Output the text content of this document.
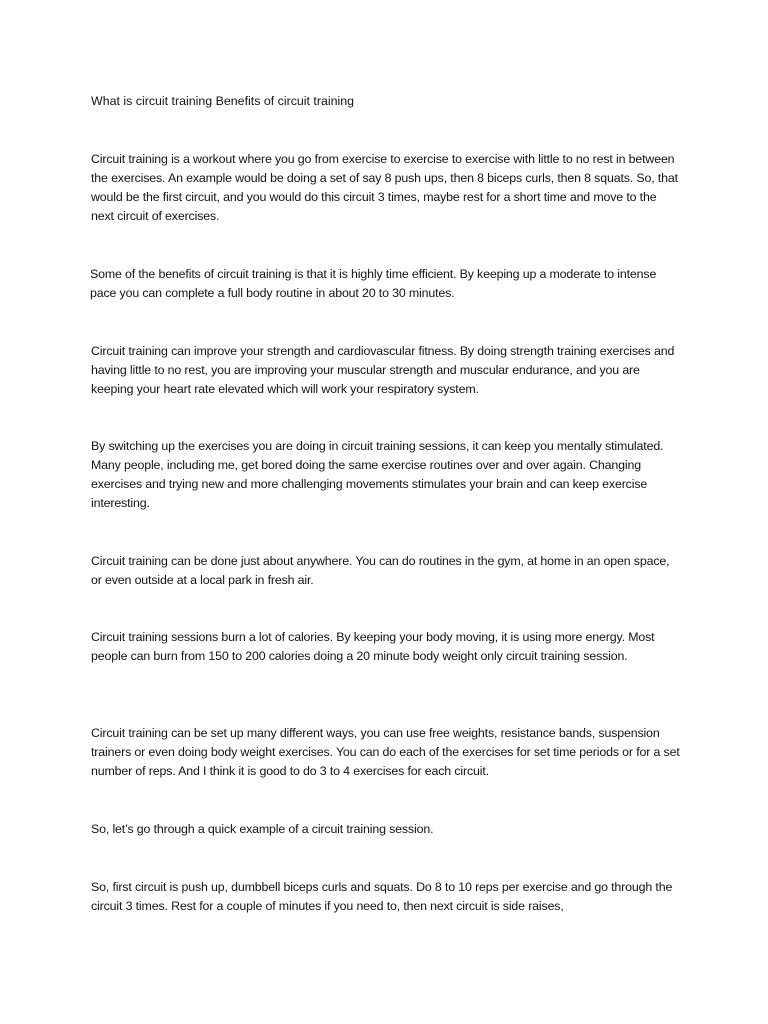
What is circuit training Benefits of circuit training

Circuit training is a workout where you go from exercise to exercise to exercise with little to no rest in between the exercises. An example would be doing a set of say 8 push ups, then 8 biceps curls, then 8 squats. So, that would be the first circuit, and you would do this circuit 3 times, maybe rest for a short time and move to the next circuit of exercises.

Some of the benefits of circuit training is that it is highly time efficient. By keeping up a moderate to intense pace you can complete a full body routine in about 20 to 30 minutes.

Circuit training can improve your strength and cardiovascular fitness. By doing strength training exercises and having little to no rest, you are improving your muscular strength and muscular endurance, and you are keeping your heart rate elevated which will work your respiratory system.

By switching up the exercises you are doing in circuit training sessions, it can keep you mentally stimulated. Many people, including me, get bored doing the same exercise routines over and over again. Changing exercises and trying new and more challenging movements stimulates your brain and can keep exercise interesting.

Circuit training can be done just about anywhere. You can do routines in the gym, at home in an open space, or even outside at a local park in fresh air.

Circuit training sessions burn a lot of calories. By keeping your body moving, it is using more energy. Most people can burn from 150 to 200 calories doing a 20 minute body weight only circuit training session.

Circuit training can be set up many different ways, you can use free weights, resistance bands, suspension trainers or even doing body weight exercises. You can do each of the exercises for set time periods or for a set number of reps. And I think it is good to do 3 to 4 exercises for each circuit.

So, let’s go through a quick example of a circuit training session.

So, first circuit is push up, dumbbell biceps curls and squats. Do 8 to 10 reps per exercise and go through the circuit 3 times. Rest for a couple of minutes if you need to, then next circuit is side raises,
